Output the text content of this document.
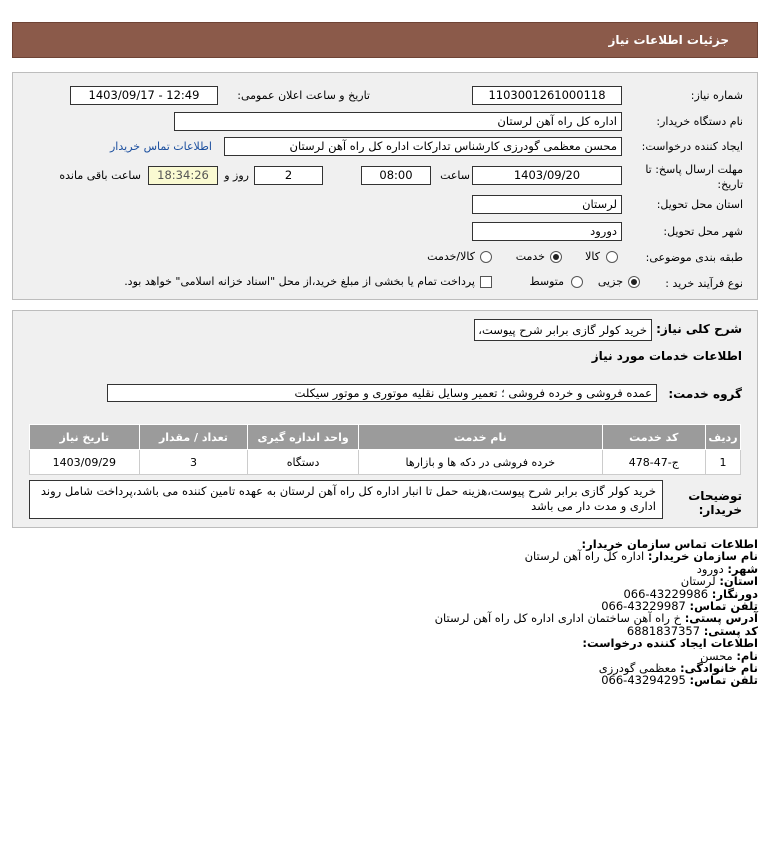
جزئیات اطلاعات نیاز
شماره نیاز:
1103001261000118
تاریخ و ساعت اعلان عمومی:
1403/09/17 - 12:49
نام دستگاه خریدار:
اداره کل راه آهن لرستان
ایجاد کننده درخواست:
محسن معظمی گودرزی کارشناس تدارکات اداره کل راه آهن لرستان
اطلاعات تماس خریدار
مهلت ارسال پاسخ: تا
تاریخ:
1403/09/20
ساعت
08:00
2
روز و
18:34:26
ساعت باقی مانده
استان محل تحویل:
لرستان
شهر محل تحویل:
دورود
طبقه بندی موضوعی:
کالا
خدمت
کالا/خدمت
نوع فرآیند خرید :
جزیی
متوسط
پرداخت تمام یا بخشی از مبلغ خرید،از محل "اسناد خزانه اسلامی" خواهد بود.
شرح کلی نیاز:
خرید کولر گازی برابر شرح پیوست،
اطلاعات خدمات مورد نیاز
گروه خدمت:
عمده فروشی و خرده فروشی ؛ تعمیر وسایل نقلیه موتوری و موتور سیکلت
ردیف	کد خدمت	نام خدمت	واحد اندازه گیری	تعداد / مقدار	تاریخ نیاز
1	ج-47-478	خرده فروشی در دکه ها و بازارها	دستگاه	3	1403/09/29
توضیحات
خریدار:
خرید کولر گازی برابر شرح پیوست،هزینه حمل تا انبار اداره کل راه آهن لرستان به عهده تامین کننده می باشد،پرداخت شامل روند اداری و مدت دار می باشد
اطلاعات تماس سازمان خریدار:
نام سازمان خریدار: اداره کل راه آهن لرستان
شهر: دورود
استان: لرستان
دورنگار: 066-43229986
تلفن تماس: 066-43229987
آدرس پستی: خ راه آهن ساختمان اداری اداره کل راه آهن لرستان
کد پستی: 6881837357
اطلاعات ایجاد کننده درخواست:
نام: محسن
نام خانوادگی: معظمی گودرزی
تلفن تماس: 066-43294295
